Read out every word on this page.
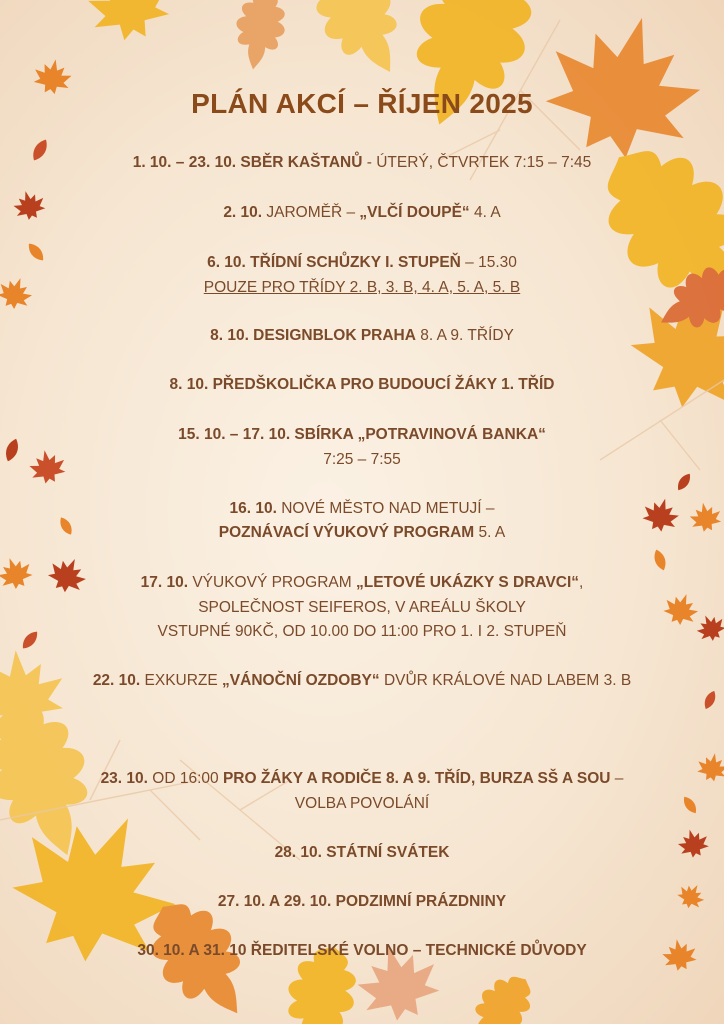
PLÁN AKCÍ – ŘÍJEN 2025
1. 10. – 23. 10. SBĚR KAŠTANŮ - ÚTERÝ, ČTVRTEK 7:15 – 7:45
2. 10. JAROMĚŘ – „VLČÍ DOUPĚ“ 4. A
6. 10. TŘÍDNÍ SCHŮZKY I. STUPEŇ – 15.30
POUZE PRO TŘÍDY 2. B, 3. B, 4. A, 5. A, 5. B
8. 10. DESIGNBLOK PRAHA 8. A 9. TŘÍDY
8. 10. PŘEDŠKOLIČKA PRO BUDOUCÍ ŽÁKY 1. TŘÍD
15. 10. – 17. 10. SBÍRKA „POTRAVINOVÁ BANKA“
7:25 – 7:55
16. 10. NOVÉ MĚSTO NAD METUJÍ –
POZNÁVACÍ VÝUKOVÝ PROGRAM 5. A
17. 10. VÝUKOVÝ PROGRAM „LETOVÉ UKÁZKY S DRAVCI“,
SPOLEČNOST SEIFEROS, V AREÁLU ŠKOLY
VSTUPNÉ 90KČ, OD 10.00 DO 11:00 PRO 1. I 2. STUPEŇ
22. 10. EXKURZE „VÁNOČNÍ OZDOBY“ DVŮR KRÁLOVÉ NAD LABEM 3. B
23. 10. OD 16:00 PRO ŽÁKY A RODIČE 8. A 9. TŘÍD, BURZA SŠ A SOU –
VOLBA POVOLÁNÍ
28. 10. STÁTNÍ SVÁTEK
27. 10. A 29. 10. PODZIMNÍ PRÁZDNINY
30. 10. A 31. 10 ŘEDITELSKÉ VOLNO – TECHNICKÉ DŮVODY
